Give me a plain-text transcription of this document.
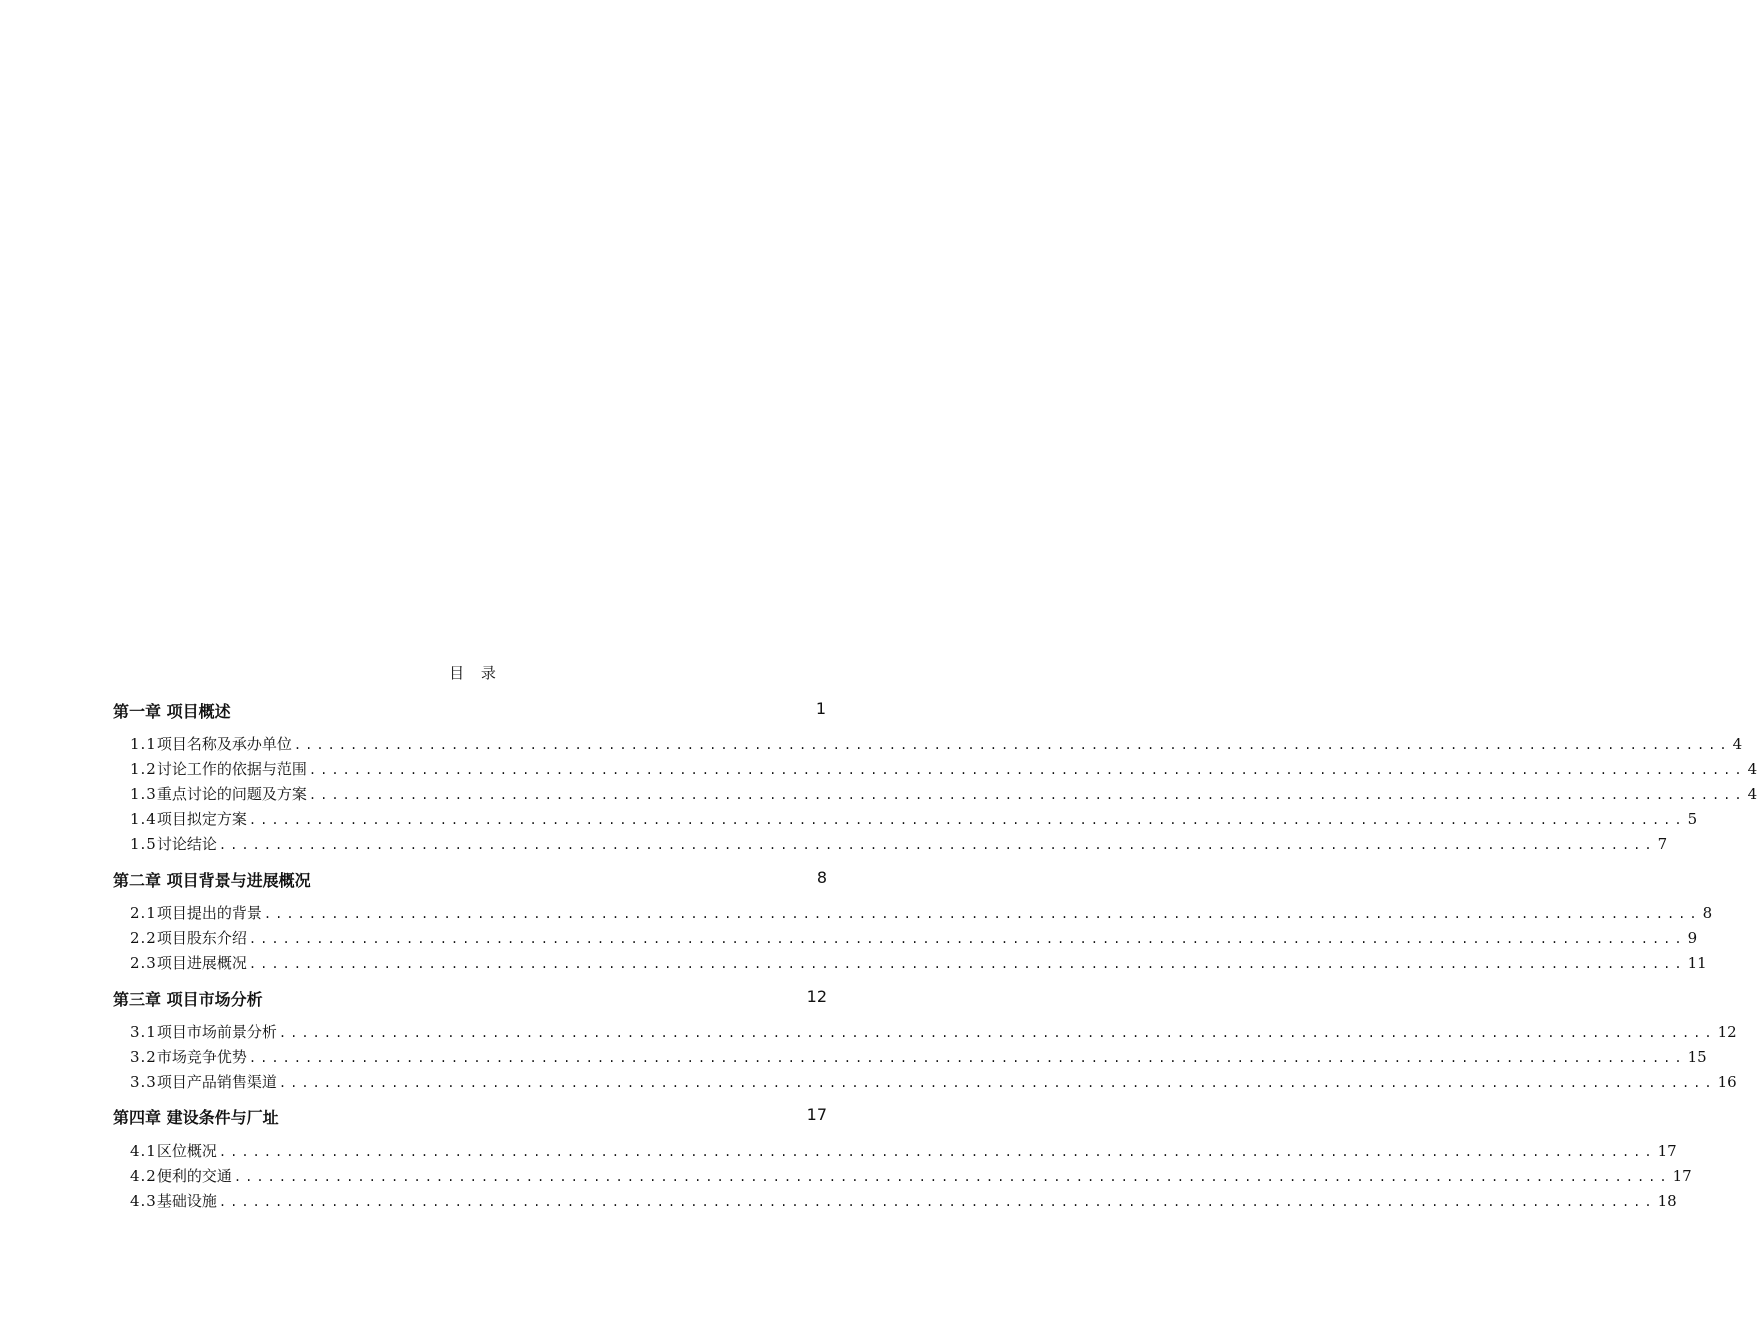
目 录
第一章 项目概述	1
1.1 项目名称及承办单位 ................................................................................................................................ 4
1.2 讨论工作的依据与范围 ................................................................................................................................ 4
1.3 重点讨论的问题及方案 ................................................................................................................................ 4
1.4 项目拟定方案 ................................................................................................................................ 5
1.5 讨论结论 ................................................................................................................................ 7
第二章 项目背景与进展概况	8
2.1 项目提出的背景 ................................................................................................................................ 8
2.2 项目股东介绍 ................................................................................................................................ 9
2.3 项目进展概况 ................................................................................................................................ 11
第三章 项目市场分析	12
3.1 项目市场前景分析 ................................................................................................................................ 12
3.2 市场竞争优势 ................................................................................................................................ 15
3.3 项目产品销售渠道 ................................................................................................................................ 16
第四章 建设条件与厂址	17
4.1 区位概况 ................................................................................................................................ 17
4.2 便利的交通 ................................................................................................................................ 17
4.3 基础设施 ................................................................................................................................ 18
